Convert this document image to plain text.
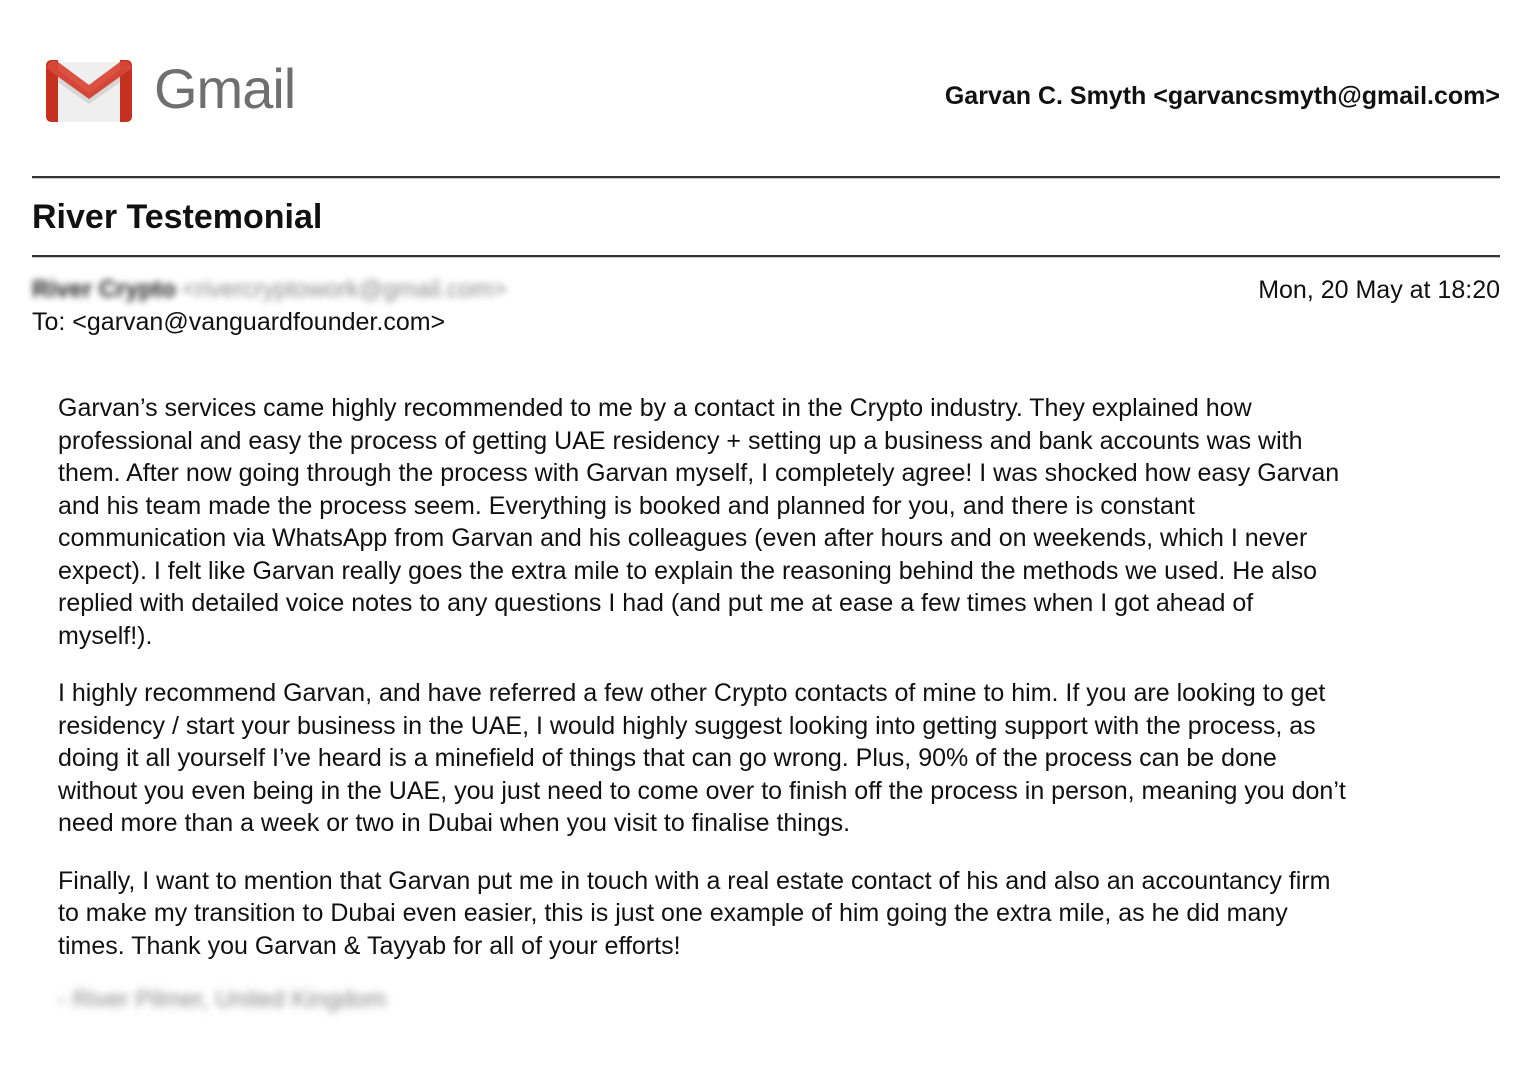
Gmail	Garvan C. Smyth <garvancsmyth@gmail.com>
River Testemonial
River Crypto <rivercryptowork@gmail.com>	Mon, 20 May at 18:20
To: <garvan@vanguardfounder.com>

Garvan’s services came highly recommended to me by a contact in the Crypto industry. They explained how
professional and easy the process of getting UAE residency + setting up a business and bank accounts was with
them. After now going through the process with Garvan myself, I completely agree! I was shocked how easy Garvan
and his team made the process seem. Everything is booked and planned for you, and there is constant
communication via WhatsApp from Garvan and his colleagues (even after hours and on weekends, which I never
expect). I felt like Garvan really goes the extra mile to explain the reasoning behind the methods we used. He also
replied with detailed voice notes to any questions I had (and put me at ease a few times when I got ahead of
myself!).

I highly recommend Garvan, and have referred a few other Crypto contacts of mine to him. If you are looking to get
residency / start your business in the UAE, I would highly suggest looking into getting support with the process, as
doing it all yourself I’ve heard is a minefield of things that can go wrong. Plus, 90% of the process can be done
without you even being in the UAE, you just need to come over to finish off the process in person, meaning you don’t
need more than a week or two in Dubai when you visit to finalise things.

Finally, I want to mention that Garvan put me in touch with a real estate contact of his and also an accountancy firm
to make my transition to Dubai even easier, this is just one example of him going the extra mile, as he did many
times. Thank you Garvan & Tayyab for all of your efforts!

- River Pilmer, United Kingdom
